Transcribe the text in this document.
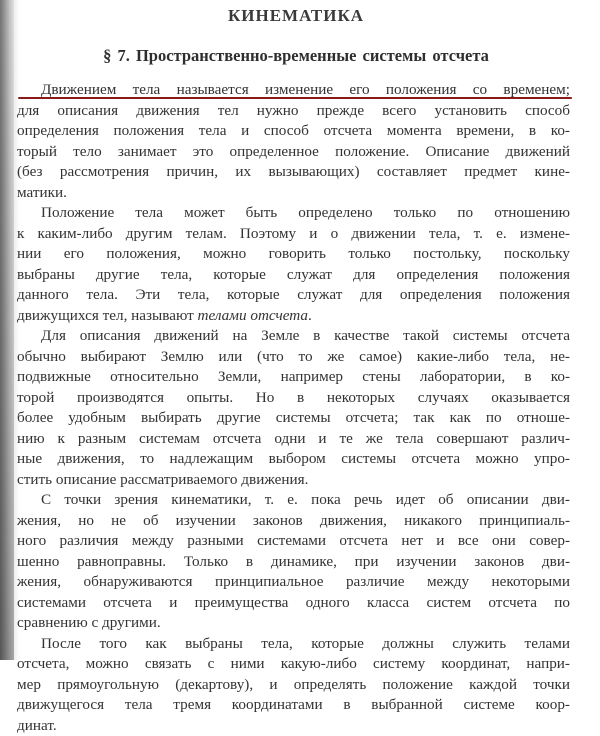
КИНЕМАТИКА
§ 7. Пространственно-временные системы отсчета
Движением тела называется изменение его положения со временем;
для описания движения тел нужно прежде всего установить способ
определения положения тела и способ отсчета момента времени, в ко-
торый тело занимает это определенное положение. Описание движений
(без рассмотрения причин, их вызывающих) составляет предмет кине-
матики.
Положение тела может быть определено только по отношению
к каким-либо другим телам. Поэтому и о движении тела, т. е. измене-
нии его положения, можно говорить только постольку, поскольку
выбраны другие тела, которые служат для определения положения
данного тела. Эти тела, которые служат для определения положения
движущихся тел, называют телами отсчета.
Для описания движений на Земле в качестве такой системы отсчета
обычно выбирают Землю или (что то же самое) какие-либо тела, не-
подвижные относительно Земли, например стены лаборатории, в ко-
торой производятся опыты. Но в некоторых случаях оказывается
более удобным выбирать другие системы отсчета; так как по отноше-
нию к разным системам отсчета одни и те же тела совершают различ-
ные движения, то надлежащим выбором системы отсчета можно упро-
стить описание рассматриваемого движения.
С точки зрения кинематики, т. е. пока речь идет об описании дви-
жения, но не об изучении законов движения, никакого принципиаль-
ного различия между разными системами отсчета нет и все они совер-
шенно равноправны. Только в динамике, при изучении законов дви-
жения, обнаруживаются принципиальное различие между некоторыми
системами отсчета и преимущества одного класса систем отсчета по
сравнению с другими.
После того как выбраны тела, которые должны служить телами
отсчета, можно связать с ними какую-либо систему координат, напри-
мер прямоугольную (декартову), и определять положение каждой точки
движущегося тела тремя координатами в выбранной системе коор-
динат.
